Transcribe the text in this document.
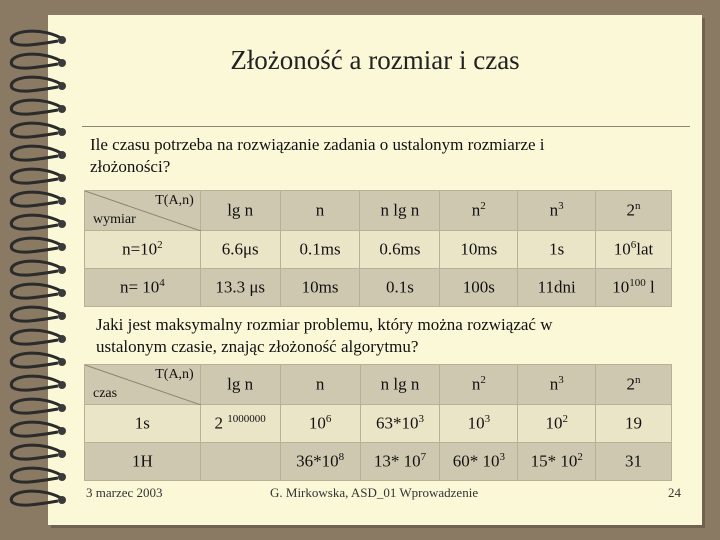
Złożoność a rozmiar i czas
Ile czasu potrzeba na rozwiązanie zadania o ustalonym rozmiarze i
złożoności?
T(A,n)
wymiar	lg n	n	n lg n	$n^2$	$n^3$	2$^n$
$n=10^2$	6.6μs	0.1ms	0.6ms	10ms	1s	$10^6lat$
$n= 10^4$	13.3 μs	10ms	0.1s	100s	11dni	$10^{100}$ l
Jaki jest maksymalny rozmiar problemu, który można rozwiązać w
ustalonym czasie, znając złożoność algorytmu?
T(A,n)
czas	lg n	n	n lg n	$n^2$	$n^3$	2$^n$
1s	2 $^{1000000}$	$10^6$	$63*10^3$	$10^3$	$10^2$	19
1H		$36*10^8$	13* $10^7$	60* $10^3$	15* $10^2$	31
3 marzec 2003	G. Mirkowska, ASD_01 Wprowadzenie	24
